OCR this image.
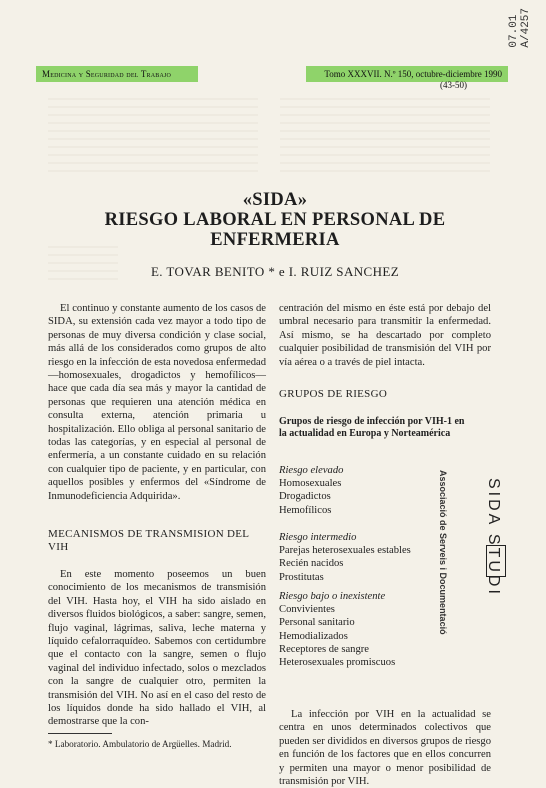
07.01 A/4257
Medicina y Seguridad del Trabajo	Tomo XXXVII. N.º 150, octubre-diciembre 1990
(43-50)
«SIDA»
RIESGO LABORAL EN PERSONAL DE
ENFERMERIA
E. TOVAR BENITO * e I. RUIZ SANCHEZ

El continuo y constante aumento de los casos de SIDA, su extensión cada vez mayor a todo tipo de personas de muy diversa condición y clase social, más allá de los considerados como grupos de alto riesgo en la infección de esta novedosa enfermedad —homosexuales, drogadictos y hemofílicos— hace que cada día sea más y mayor la cantidad de personas que requieren una atención médica en consulta externa, atención primaria u hospitalización. Ello obliga al personal sanitario de todas las categorías, y en especial al personal de enfermería, a un constante cuidado en su relación con cualquier tipo de paciente, y en particular, con aquellos posibles y enfermos del «Síndrome de Inmunodeficiencia Adquirida».

MECANISMOS DE TRANSMISION DEL VIH

En este momento poseemos un buen conocimiento de los mecanismos de transmisión del VIH. Hasta hoy, el VIH ha sido aislado en diversos fluidos biológicos, a saber: sangre, semen, flujo vaginal, lágrimas, saliva, leche materna y líquido cefalorraquídeo. Sabemos con certidumbre que el contacto con la sangre, semen o flujo vaginal del individuo infectado, solos o mezclados con la sangre de cualquier otro, permiten la transmisión del VIH. No así en el caso del resto de los líquidos donde ha sido hallado el VIH, al demostrarse que la con-

* Laboratorio. Ambulatorio de Argüelles. Madrid.

centración del mismo en éste está por debajo del umbral necesario para transmitir la enfermedad. Así mismo, se ha descartado por completo cualquier posibilidad de transmisión del VIH por vía aérea o a través de piel intacta.

GRUPOS DE RIESGO

Grupos de riesgo de infección por VIH-1 en la actualidad en Europa y Norteamérica

Riesgo elevado

Homosexuales

Drogadictos

Hemofílicos

Riesgo intermedio

Parejas heterosexuales estables

Recién nacidos

Prostitutas

Riesgo bajo o inexistente

Convivientes

Personal sanitario

Hemodializados

Receptores de sangre

Heterosexuales promiscuos

La infección por VIH en la actualidad se centra en unos determinados colectivos que pueden ser divididos en diversos grupos de riesgo en función de los factores que en ellos concurren y permiten una mayor o menor posibilidad de transmisión por VIH.

Associació de Serveis i Documentació SIDA STUDI
